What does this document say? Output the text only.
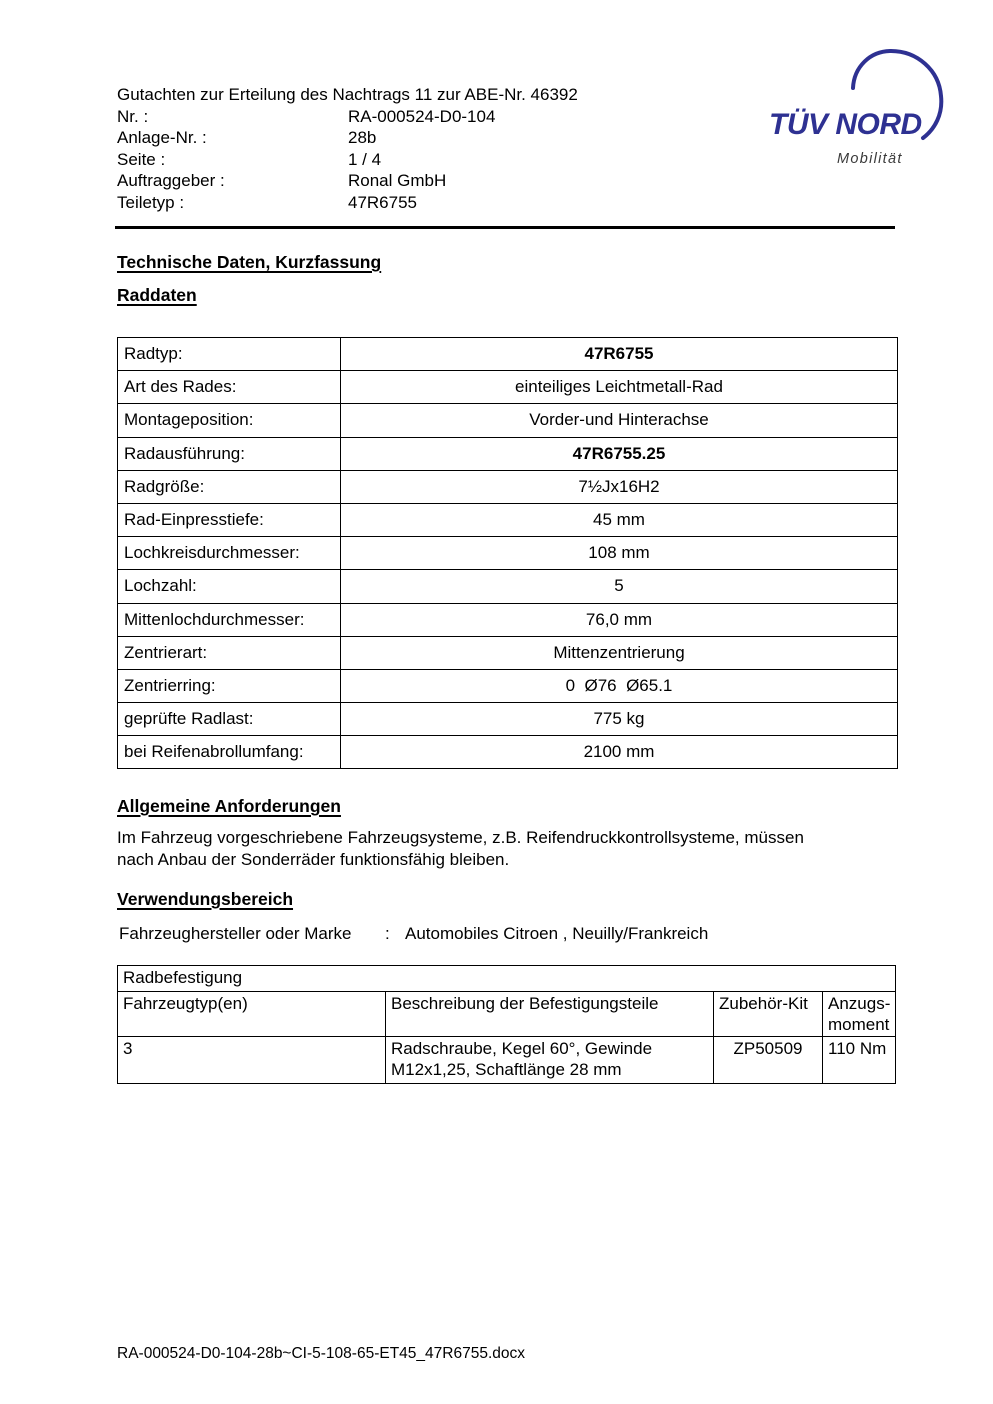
Gutachten zur Erteilung des Nachtrags 11 zur ABE-Nr. 46392
Nr. :	RA-000524-D0-104
Anlage-Nr. :	28b
Seite :	1 / 4
Auftraggeber :	Ronal GmbH
Teiletyp :	47R6755
TÜV NORD
Mobilität
Technische Daten, Kurzfassung
Raddaten
Radtyp:	47R6755
Art des Rades:	einteiliges Leichtmetall-Rad
Montageposition:	Vorder-und Hinterachse
Radausführung:	47R6755.25
Radgröße:	7½Jx16H2
Rad-Einpresstiefe:	45 mm
Lochkreisdurchmesser:	108 mm
Lochzahl:	5
Mittenlochdurchmesser:	76,0 mm
Zentrierart:	Mittenzentrierung
Zentrierring:	0  Ø76  Ø65.1
geprüfte Radlast:	775 kg
bei Reifenabrollumfang:	2100 mm
Allgemeine Anforderungen
Im Fahrzeug vorgeschriebene Fahrzeugsysteme, z.B. Reifendruckkontrollsysteme, müssen
nach Anbau der Sonderräder funktionsfähig bleiben.
Verwendungsbereich
Fahrzeughersteller oder Marke	: Automobiles Citroen , Neuilly/Frankreich
Radbefestigung			
Fahrzeugtyp(en)	Beschreibung der Befestigungsteile	Zubehör-Kit	Anzugs-moment
3	Radschraube, Kegel 60°, Gewinde M12x1,25, Schaftlänge 28 mm	ZP50509	110 Nm
RA-000524-D0-104-28b~CI-5-108-65-ET45_47R6755.docx
